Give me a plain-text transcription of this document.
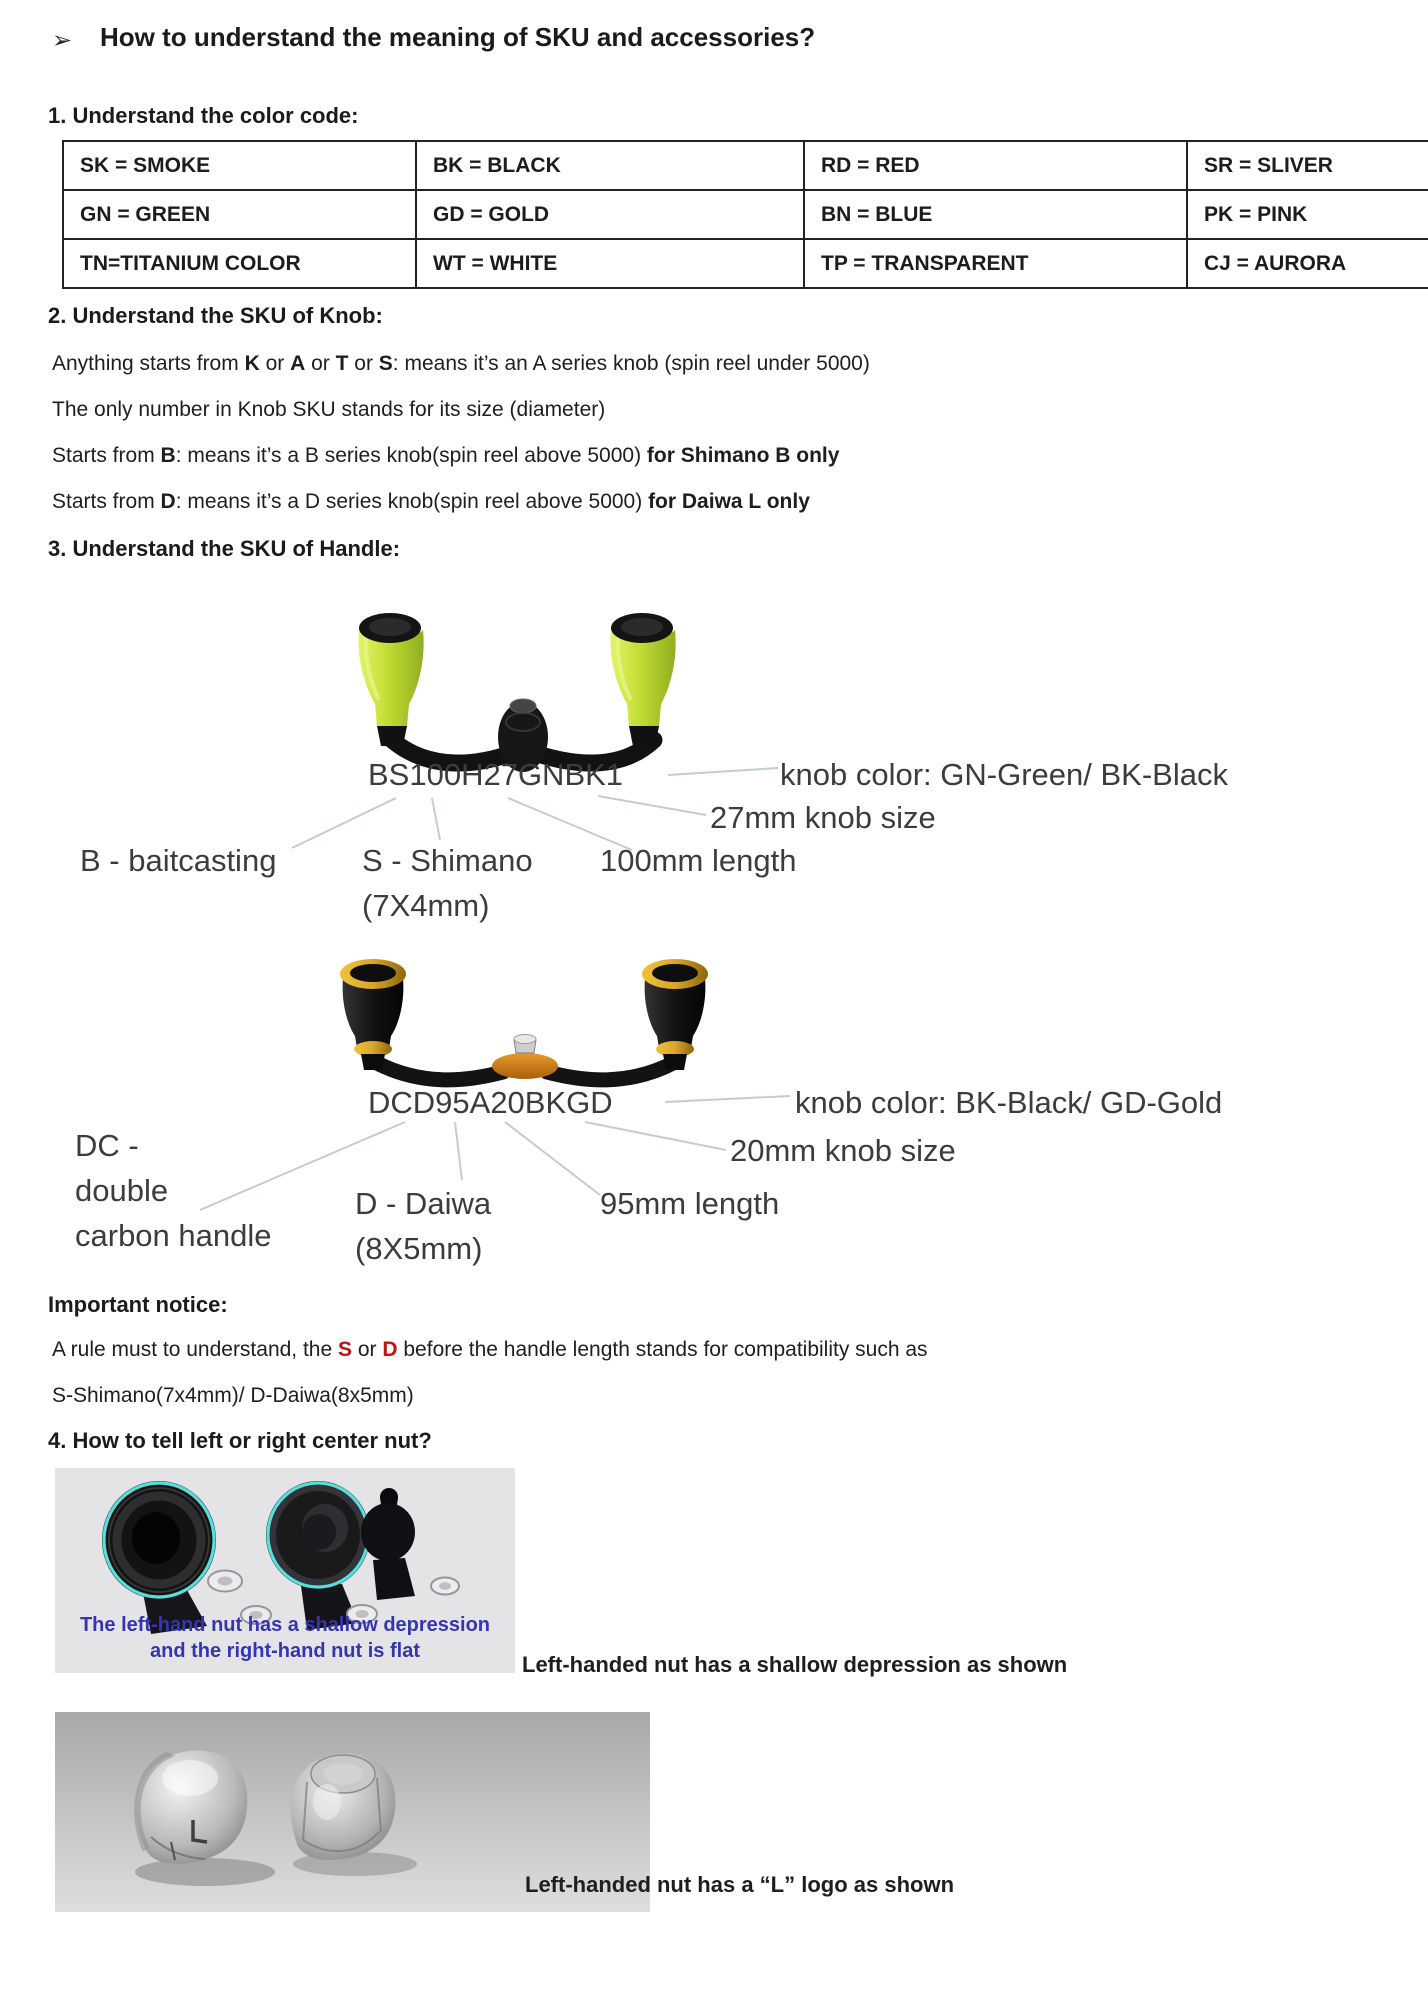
➢ How to understand the meaning of SKU and accessories?
1. Understand the color code:
SK = SMOKE	BK = BLACK	RD = RED	SR = SLIVER
GN = GREEN	GD = GOLD	BN = BLUE	PK = PINK
TN=TITANIUM COLOR	WT = WHITE	TP = TRANSPARENT	CJ = AURORA
2. Understand the SKU of Knob:
Anything starts from K or A or T or S: means it’s an A series knob (spin reel under 5000)
The only number in Knob SKU stands for its size (diameter)
Starts from B: means it’s a B series knob(spin reel above 5000) for Shimano B only
Starts from D: means it’s a D series knob(spin reel above 5000) for Daiwa L only
3. Understand the SKU of Handle:
BS100H27GNBK1	knob color: GN-Green/ BK-Black
27mm knob size
100mm length
B - baitcasting	S - Shimano
(7X4mm)
DCD95A20BKGD	knob color: BK-Black/ GD-Gold
20mm knob size
95mm length
DC -
double
carbon handle
D - Daiwa
(8X5mm)
Important notice:
A rule must to understand, the S or D before the handle length stands for compatibility such as
S-Shimano(7x4mm)/ D-Daiwa(8x5mm)
4. How to tell left or right center nut?
The left-hand nut has a shallow depression
and the right-hand nut is flat
Left-handed nut has a shallow depression as shown
Left-handed nut has a “L” logo as shown
